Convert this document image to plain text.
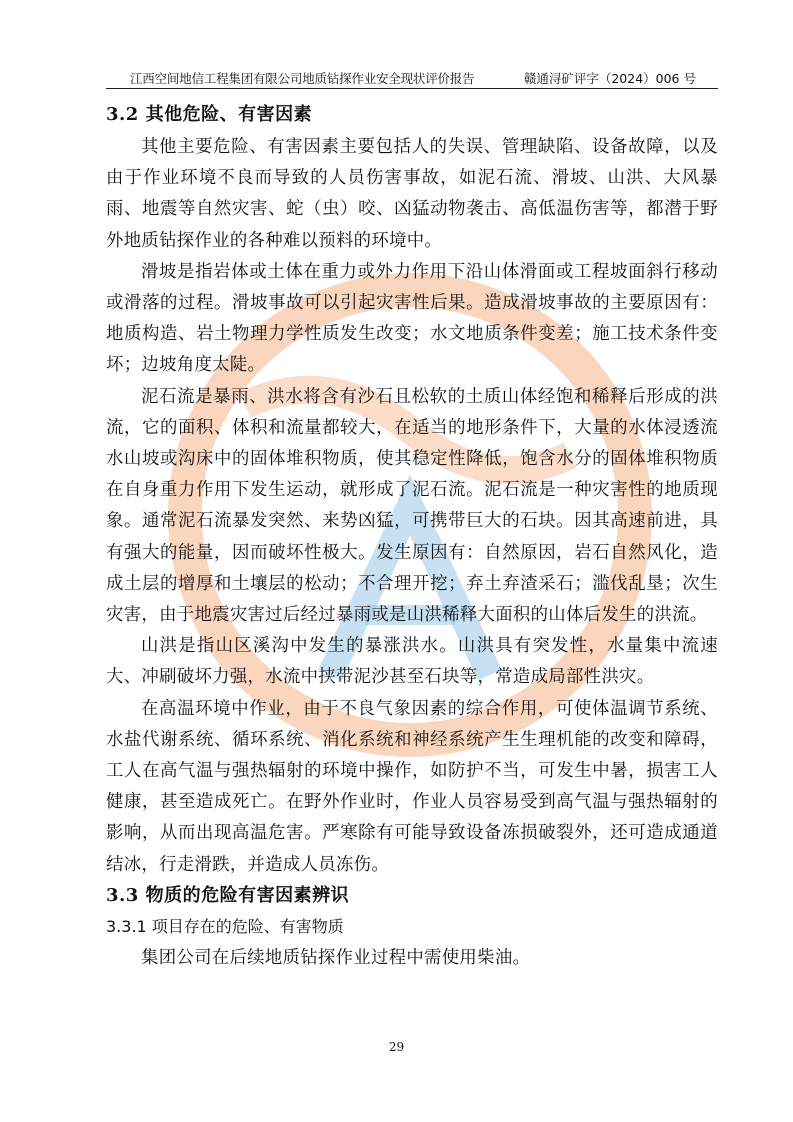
江西空间地信工程集团有限公司地质钻探作业安全现状评价报告	赣通浔矿评字（2024）006 号
3.2 其他危险、有害因素

其他主要危险、有害因素主要包括人的失误、管理缺陷、设备故障，以及由于作业环境不良而导致的人员伤害事故，如泥石流、滑坡、山洪、大风暴雨、地震等自然灾害、蛇（虫）咬、凶猛动物袭击、高低温伤害等，都潜于野外地质钻探作业的各种难以预料的环境中。

滑坡是指岩体或土体在重力或外力作用下沿山体滑面或工程坡面斜行移动或滑落的过程。滑坡事故可以引起灾害性后果。造成滑坡事故的主要原因有：地质构造、岩土物理力学性质发生改变；水文地质条件变差；施工技术条件变坏；边坡角度太陡。

泥石流是暴雨、洪水将含有沙石且松软的土质山体经饱和稀释后形成的洪流，它的面积、体积和流量都较大，在适当的地形条件下，大量的水体浸透流水山坡或沟床中的固体堆积物质，使其稳定性降低，饱含水分的固体堆积物质在自身重力作用下发生运动，就形成了泥石流。泥石流是一种灾害性的地质现象。通常泥石流暴发突然、来势凶猛，可携带巨大的石块。因其高速前进，具有强大的能量，因而破坏性极大。发生原因有：自然原因，岩石自然风化，造成土层的增厚和土壤层的松动；不合理开挖；弃土弃渣采石；滥伐乱垦；次生灾害，由于地震灾害过后经过暴雨或是山洪稀释大面积的山体后发生的洪流。

山洪是指山区溪沟中发生的暴涨洪水。山洪具有突发性，水量集中流速大、冲刷破坏力强，水流中挟带泥沙甚至石块等，常造成局部性洪灾。

在高温环境中作业，由于不良气象因素的综合作用，可使体温调节系统、水盐代谢系统、循环系统、消化系统和神经系统产生生理机能的改变和障碍，工人在高气温与强热辐射的环境中操作，如防护不当，可发生中暑，损害工人健康，甚至造成死亡。在野外作业时，作业人员容易受到高气温与强热辐射的影响，从而出现高温危害。严寒除有可能导致设备冻损破裂外，还可造成通道结冰，行走滑跌，并造成人员冻伤。

3.3 物质的危险有害因素辨识
3.3.1 项目存在的危险、有害物质

集团公司在后续地质钻探作业过程中需使用柴油。

29
